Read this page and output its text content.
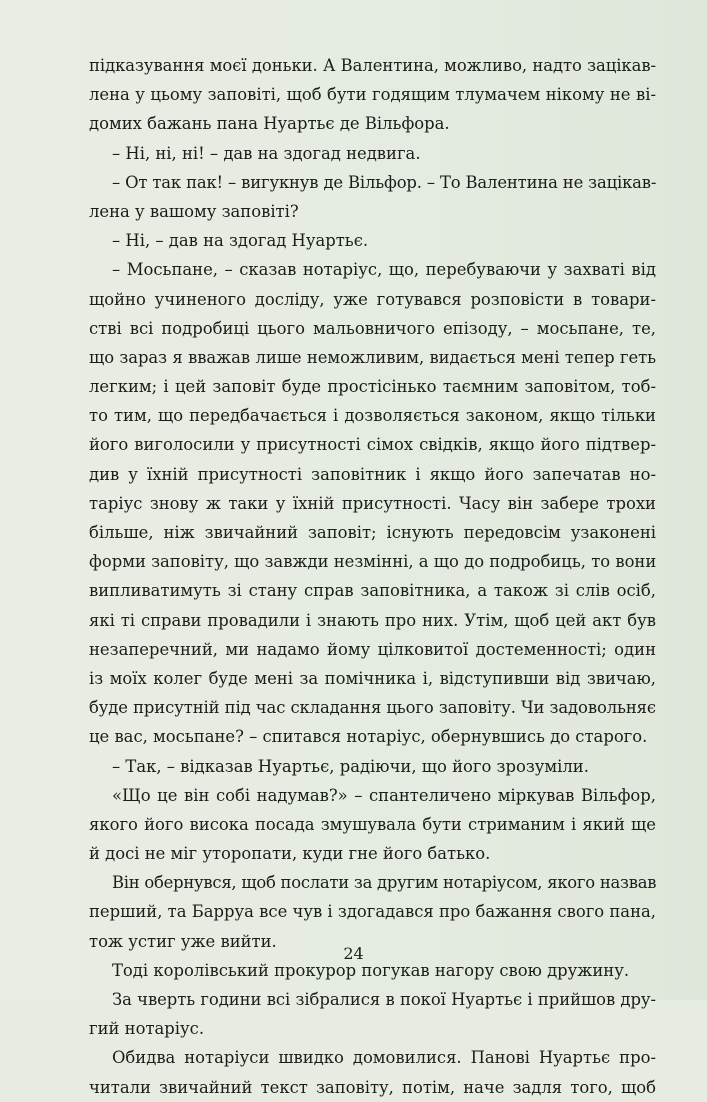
підказування моєї доньки. А Валентина, можливо, надто зацікав-
лена у цьому заповіті, щоб бути годящим тлумачем нікому не ві-
домих бажань пана Нуартьє де Вільфора.
– Ні, ні, ні! – дав на здогад недвига.
– От так пак! – вигукнув де Вільфор. – То Валентина не зацікав-
лена у вашому заповіті?
– Ні, – дав на здогад Нуартьє.
– Мосьпане, – сказав нотаріус, що, перебуваючи у захваті від
щойно учиненого досліду, уже готувався розповісти в товари-
стві всі подробиці цього мальовничого епізоду, – мосьпане, те,
що зараз я вважав лише неможливим, видається мені тепер геть
легким; і цей заповіт буде простісінько таємним заповітом, тоб-
то тим, що передбачається і дозволяється законом, якщо тільки
його виголосили у присутності сімох свідків, якщо його підтвер-
див у їхній присутності заповітник і якщо його запечатав но-
таріус знову ж таки у їхній присутності. Часу він забере трохи
більше, ніж звичайний заповіт; існують передовсім узаконені
форми заповіту, що завжди незмінні, а що до подробиць, то вони
випливатимуть зі стану справ заповітника, а також зі слів осіб,
які ті справи провадили і знають про них. Утім, щоб цей акт був
незаперечний, ми надамо йому цілковитої достеменності; один
із моїх колег буде мені за помічника і, відступивши від звичаю,
буде присутній під час складання цього заповіту. Чи задовольняє
це вас, мосьпане? – спитався нотаріус, обернувшись до старого.
– Так, – відказав Нуартьє, радіючи, що його зрозуміли.
«Що це він собі надумав?» – спантеличено міркував Вільфор,
якого його висока посада змушувала бути стриманим і який ще
й досі не міг уторопати, куди гне його батько.
Він обернувся, щоб послати за другим нотаріусом, якого назвав
перший, та Барруа все чув і здогадався про бажання свого пана,
тож устиг уже вийти.
Тоді королівський прокурор погукав нагору свою дружину.
За чверть години всі зібралися в покої Нуартьє і прийшов дру-
гий нотаріус.
Обидва нотаріуси швидко домовилися. Панові Нуартьє про-
читали звичайний текст заповіту, потім, наче задля того, щоб
24
